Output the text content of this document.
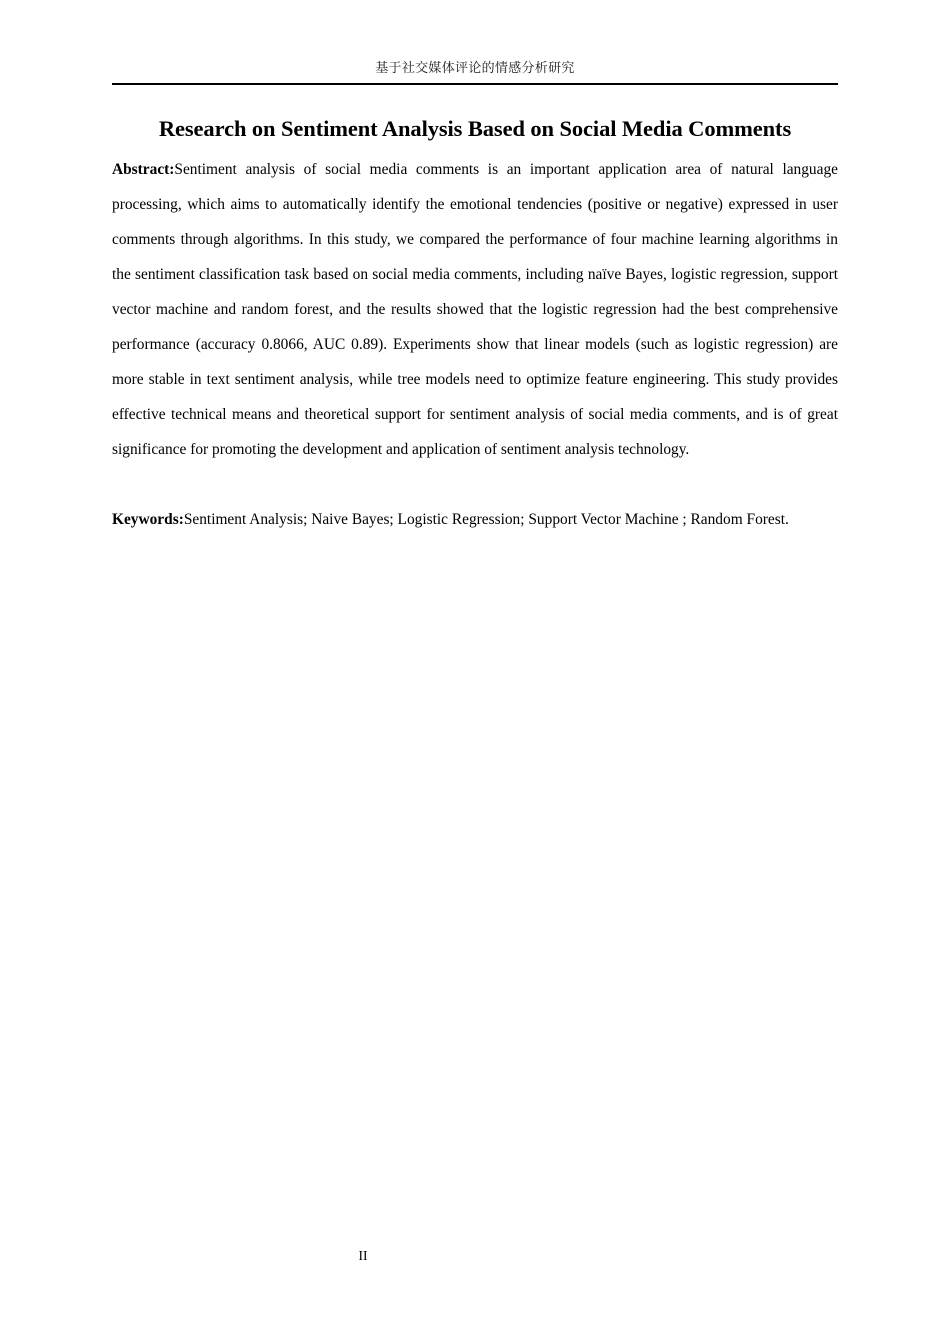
基于社交媒体评论的情感分析研究
Research on Sentiment Analysis Based on Social Media Comments

Abstract:Sentiment analysis of social media comments is an important application area of natural language processing, which aims to automatically identify the emotional tendencies (positive or negative) expressed in user comments through algorithms. In this study, we compared the performance of four machine learning algorithms in the sentiment classification task based on social media comments, including naïve Bayes, logistic regression, support vector machine and random forest, and the results showed that the logistic regression had the best comprehensive performance (accuracy 0.8066, AUC 0.89). Experiments show that linear models (such as logistic regression) are more stable in text sentiment analysis, while tree models need to optimize feature engineering. This study provides effective technical means and theoretical support for sentiment analysis of social media comments, and is of great significance for promoting the development and application of sentiment analysis technology.

Keywords:Sentiment Analysis; Naive Bayes; Logistic Regression; Support Vector Machine ; Random Forest.

II
